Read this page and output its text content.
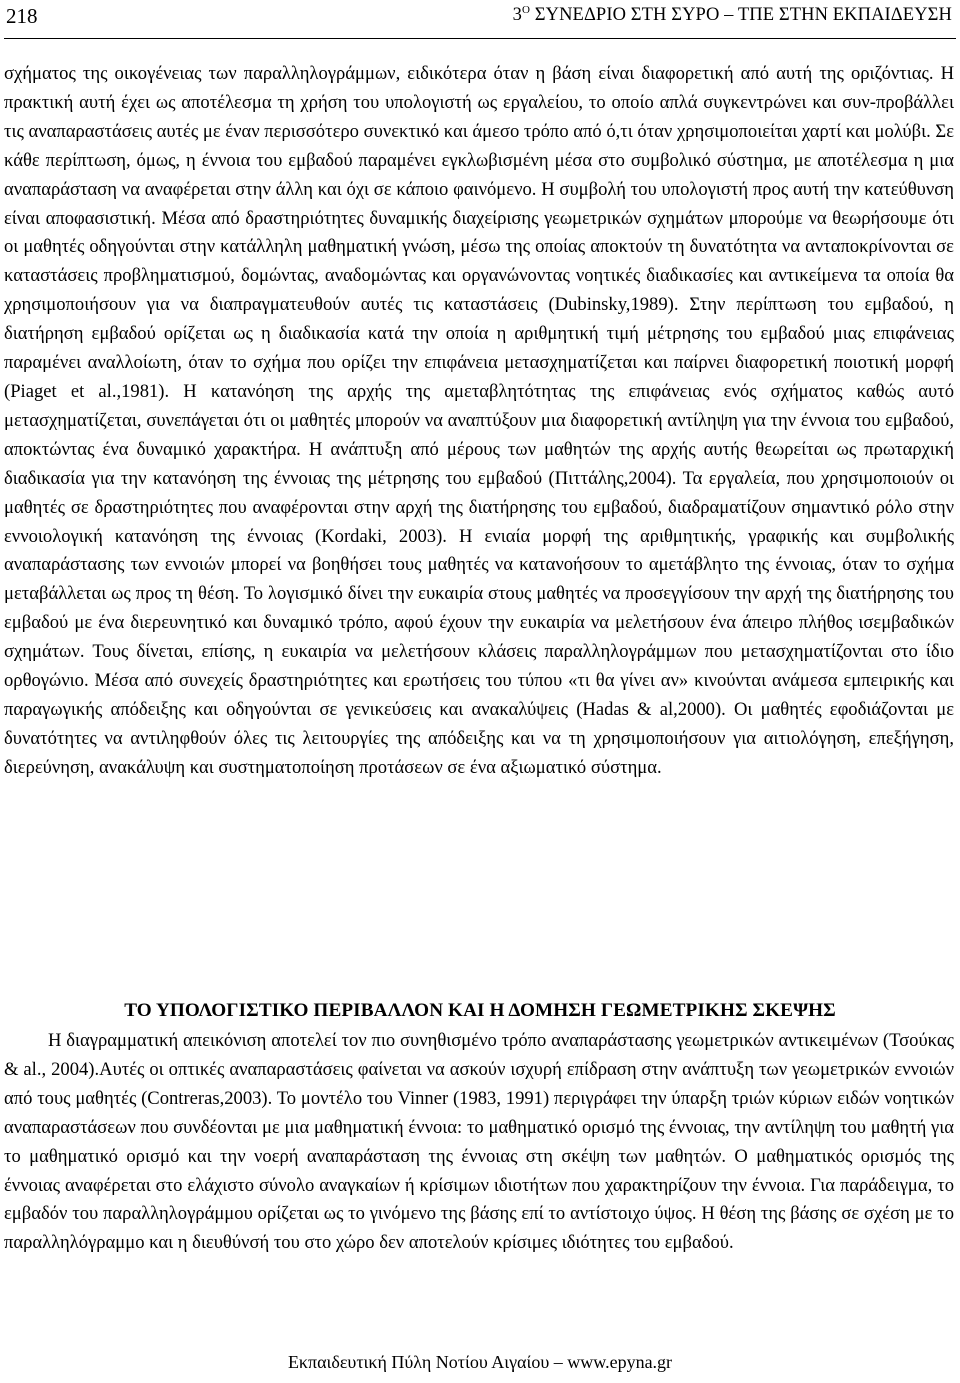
218	$3^O$ ΣΥΝΕΔΡΙΟ ΣΤΗ ΣΥΡΟ – ΤΠΕ ΣΤΗΝ ΕΚΠΑΙΔΕΥΣΗ

σχήματος της οικογένειας των παραλληλογράμμων, ειδικότερα όταν η βάση είναι διαφορετική από αυτή της οριζόντιας. Η πρακτική αυτή έχει ως αποτέλεσμα τη χρήση του υπολογιστή ως εργαλείου, το οποίο απλά συγκεντρώνει και συν-προβάλλει τις αναπαραστάσεις αυτές με έναν περισσότερο συνεκτικό και άμεσο τρόπο από ό,τι όταν χρησιμοποιείται χαρτί και μολύβι. Σε κάθε περίπτωση, όμως, η έννοια του εμβαδού παραμένει εγκλωβισμένη μέσα στο συμβολικό σύστημα, με αποτέλεσμα η μια αναπαράσταση να αναφέρεται στην άλλη και όχι σε κάποιο φαινόμενο. Η συμβολή του υπολογιστή προς αυτή την κατεύθυνση είναι αποφασιστική. Μέσα από δραστηριότητες δυναμικής διαχείρισης γεωμετρικών σχημάτων μπορούμε να θεωρήσουμε ότι οι μαθητές οδηγούνται στην κατάλληλη μαθηματική γνώση, μέσω της οποίας αποκτούν τη δυνατότητα να ανταποκρίνονται σε καταστάσεις προβληματισμού, δομώντας, αναδομώντας και οργανώνοντας νοητικές διαδικασίες και αντικείμενα τα οποία θα χρησιμοποιήσουν για να διαπραγματευθούν αυτές τις καταστάσεις (Dubinsky,1989). Στην περίπτωση του εμβαδού, η διατήρηση εμβαδού ορίζεται ως η διαδικασία κατά την οποία η αριθμητική τιμή μέτρησης του εμβαδού μιας επιφάνειας παραμένει αναλλοίωτη, όταν το σχήμα που ορίζει την επιφάνεια μετασχηματίζεται και παίρνει διαφορετική ποιοτική μορφή (Piaget et al.,1981). Η κατανόηση της αρχής της αμεταβλητότητας της επιφάνειας ενός σχήματος καθώς αυτό μετασχηματίζεται, συνεπάγεται ότι οι μαθητές μπορούν να αναπτύξουν μια διαφορετική αντίληψη για την έννοια του εμβαδού, αποκτώντας ένα δυναμικό χαρακτήρα. Η ανάπτυξη από μέρους των μαθητών της αρχής αυτής θεωρείται ως πρωταρχική διαδικασία για την κατανόηση της έννοιας της μέτρησης του εμβαδού (Πιττάλης,2004). Τα εργαλεία, που χρησιμοποιούν οι μαθητές σε δραστηριότητες που αναφέρονται στην αρχή της διατήρησης του εμβαδού, διαδραματίζουν σημαντικό ρόλο στην εννοιολογική κατανόηση της έννοιας (Kordaki, 2003). Η ενιαία μορφή της αριθμητικής, γραφικής και συμβολικής αναπαράστασης των εννοιών μπορεί να βοηθήσει τους μαθητές να κατανοήσουν το αμετάβλητο της έννοιας, όταν το σχήμα μεταβάλλεται ως προς τη θέση. Το λογισμικό δίνει την ευκαιρία στους μαθητές να προσεγγίσουν την αρχή της διατήρησης του εμβαδού με ένα διερευνητικό και δυναμικό τρόπο, αφού έχουν την ευκαιρία να μελετήσουν ένα άπειρο πλήθος ισεμβαδικών σχημάτων. Τους δίνεται, επίσης, η ευκαιρία να μελετήσουν κλάσεις παραλληλογράμμων που μετασχηματίζονται στο ίδιο ορθογώνιο. Μέσα από συνεχείς δραστηριότητες και ερωτήσεις του τύπου «τι θα γίνει αν» κινούνται ανάμεσα εμπειρικής και παραγωγικής απόδειξης και οδηγούνται σε γενικεύσεις και ανακαλύψεις (Hadas & al,2000). Οι μαθητές εφοδιάζονται με δυνατότητες να αντιληφθούν όλες τις λειτουργίες της απόδειξης και να τη χρησιμοποιήσουν για αιτιολόγηση, επεξήγηση, διερεύνηση, ανακάλυψη και συστηματοποίηση προτάσεων σε ένα αξιωματικό σύστημα.

ΤΟ ΥΠΟΛΟΓΙΣΤΙΚΟ ΠΕΡΙΒΑΛΛΟΝ ΚΑΙ Η ΔΟΜΗΣΗ ΓΕΩΜΕΤΡΙΚΗΣ ΣΚΕΨΗΣ

Η διαγραμματική απεικόνιση αποτελεί τον πιο συνηθισμένο τρόπο αναπαράστασης γεωμετρικών αντικειμένων (Τσούκας & al., 2004).Αυτές οι οπτικές αναπαραστάσεις φαίνεται να ασκούν ισχυρή επίδραση στην ανάπτυξη των γεωμετρικών εννοιών από τους μαθητές (Contreras,2003). Το μοντέλο του Vinner (1983, 1991) περιγράφει την ύπαρξη τριών κύριων ειδών νοητικών αναπαραστάσεων που συνδέονται με μια μαθηματική έννοια: το μαθηματικό ορισμό της έννοιας, την αντίληψη του μαθητή για το μαθηματικό ορισμό και την νοερή αναπαράσταση της έννοιας στη σκέψη των μαθητών. Ο μαθηματικός ορισμός της έννοιας αναφέρεται στο ελάχιστο σύνολο αναγκαίων ή κρίσιμων ιδιοτήτων που χαρακτηρίζουν την έννοια. Για παράδειγμα, το εμβαδόν του παραλληλογράμμου ορίζεται ως το γινόμενο της βάσης επί το αντίστοιχο ύψος. Η θέση της βάσης σε σχέση με το παραλληλόγραμμο και η διευθύνσή του στο χώρο δεν αποτελούν κρίσιμες ιδιότητες του εμβαδού.

Εκπαιδευτική Πύλη Νοτίου Αιγαίου – www.epyna.gr
